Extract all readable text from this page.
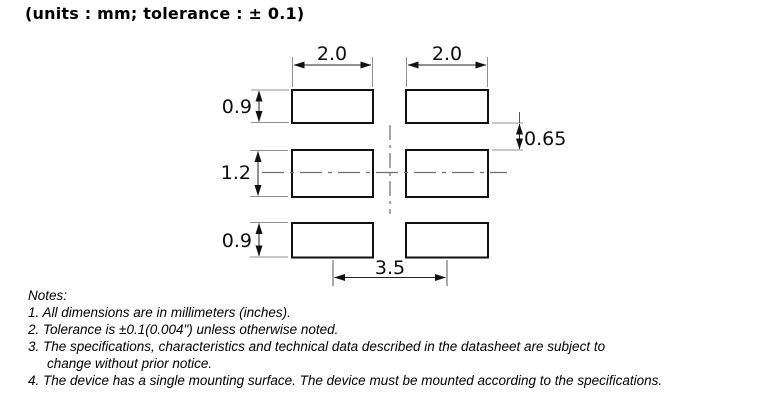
(units : mm; tolerance : ± 0.1)
2.0	2.0
0.9
1.2
0.9
0.65
3.5
Notes:
1. All dimensions are in millimeters (inches).
2. Tolerance is ±0.1(0.004") unless otherwise noted.
3. The specifications, characteristics and technical data described in the datasheet are subject to
change without prior notice.
4. The device has a single mounting surface. The device must be mounted according to the specifications.
